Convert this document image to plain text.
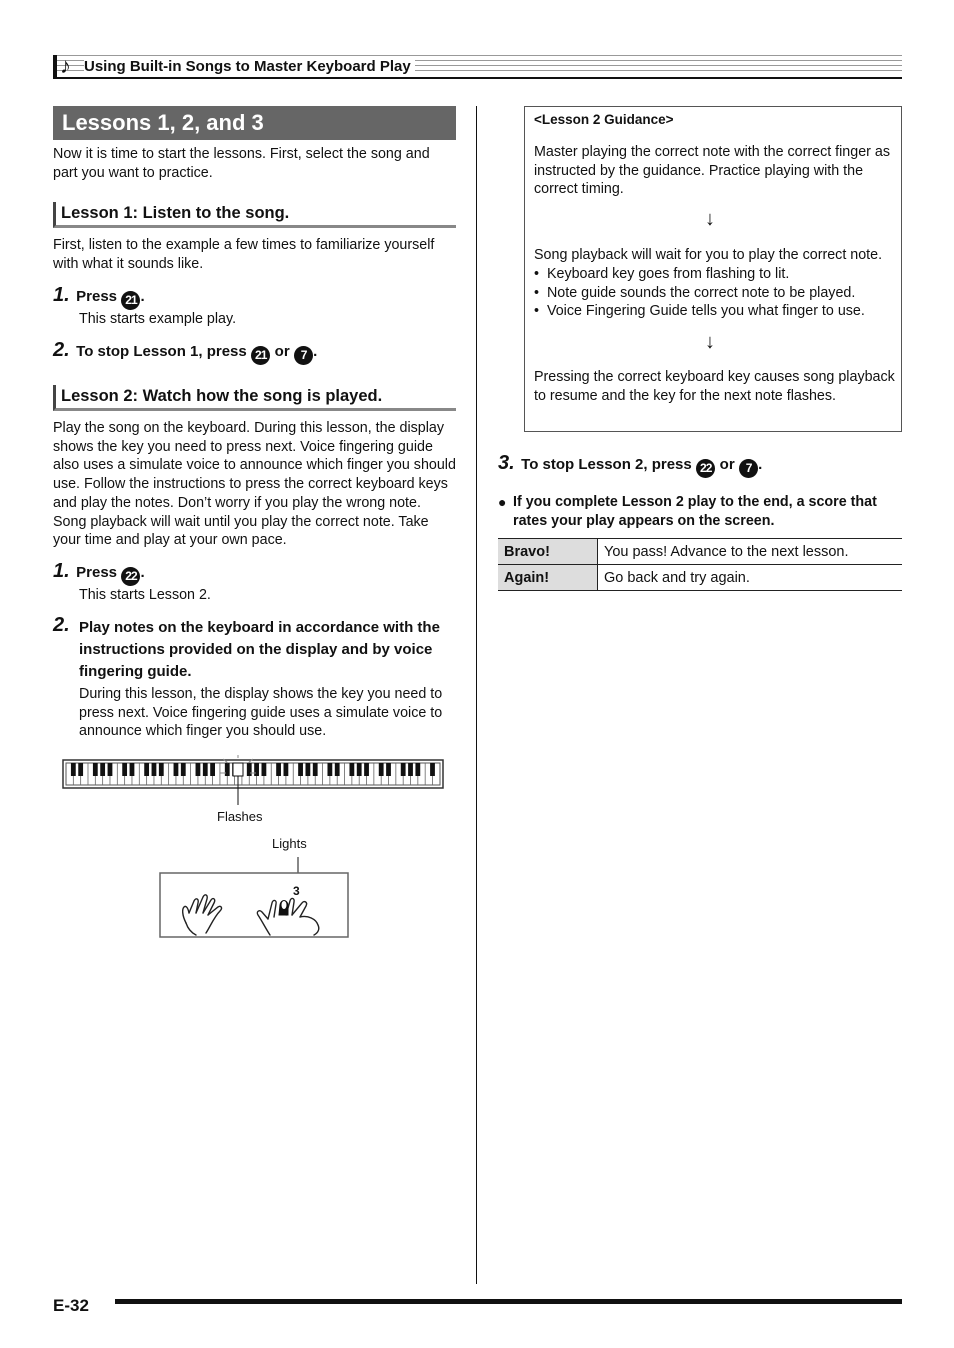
♪ Using Built-in Songs to Master Keyboard Play
Lessons 1, 2, and 3
Now it is time to start the lessons. First, select the song and part you want to practice.
Lesson 1: Listen to the song.
First, listen to the example a few times to familiarize yourself with what it sounds like.
1. Press 21 .
This starts example play.
2. To stop Lesson 1, press 21 or 7 .
Lesson 2: Watch how the song is played.
Play the song on the keyboard. During this lesson, the display shows the key you need to press next. Voice fingering guide also uses a simulate voice to announce which finger you should use. Follow the instructions to press the correct keyboard keys and play the notes. Don’t worry if you play the wrong note. Song playback will wait until you play the correct note. Take your time and play at your own pace.
1. Press 22 .
This starts Lesson 2.
2. Play notes on the keyboard in accordance with the instructions provided on the display and by voice fingering guide.
During this lesson, the display shows the key you need to press next. Voice fingering guide uses a simulate voice to announce which finger you should use.
Flashes
Lights
3
<Lesson 2 Guidance>
Master playing the correct note with the correct finger as instructed by the guidance. Practice playing with the correct timing.
↓
Song playback will wait for you to play the correct note.
•  Keyboard key goes from flashing to lit.
•  Note guide sounds the correct note to be played.
•  Voice Fingering Guide tells you what finger to use.
↓
Pressing the correct keyboard key causes song playback to resume and the key for the next note flashes.
3. To stop Lesson 2, press 22 or 7 .
● If you complete Lesson 2 play to the end, a score that rates your play appears on the screen.
Bravo!	You pass! Advance to the next lesson.
Again!	Go back and try again.
E-32
